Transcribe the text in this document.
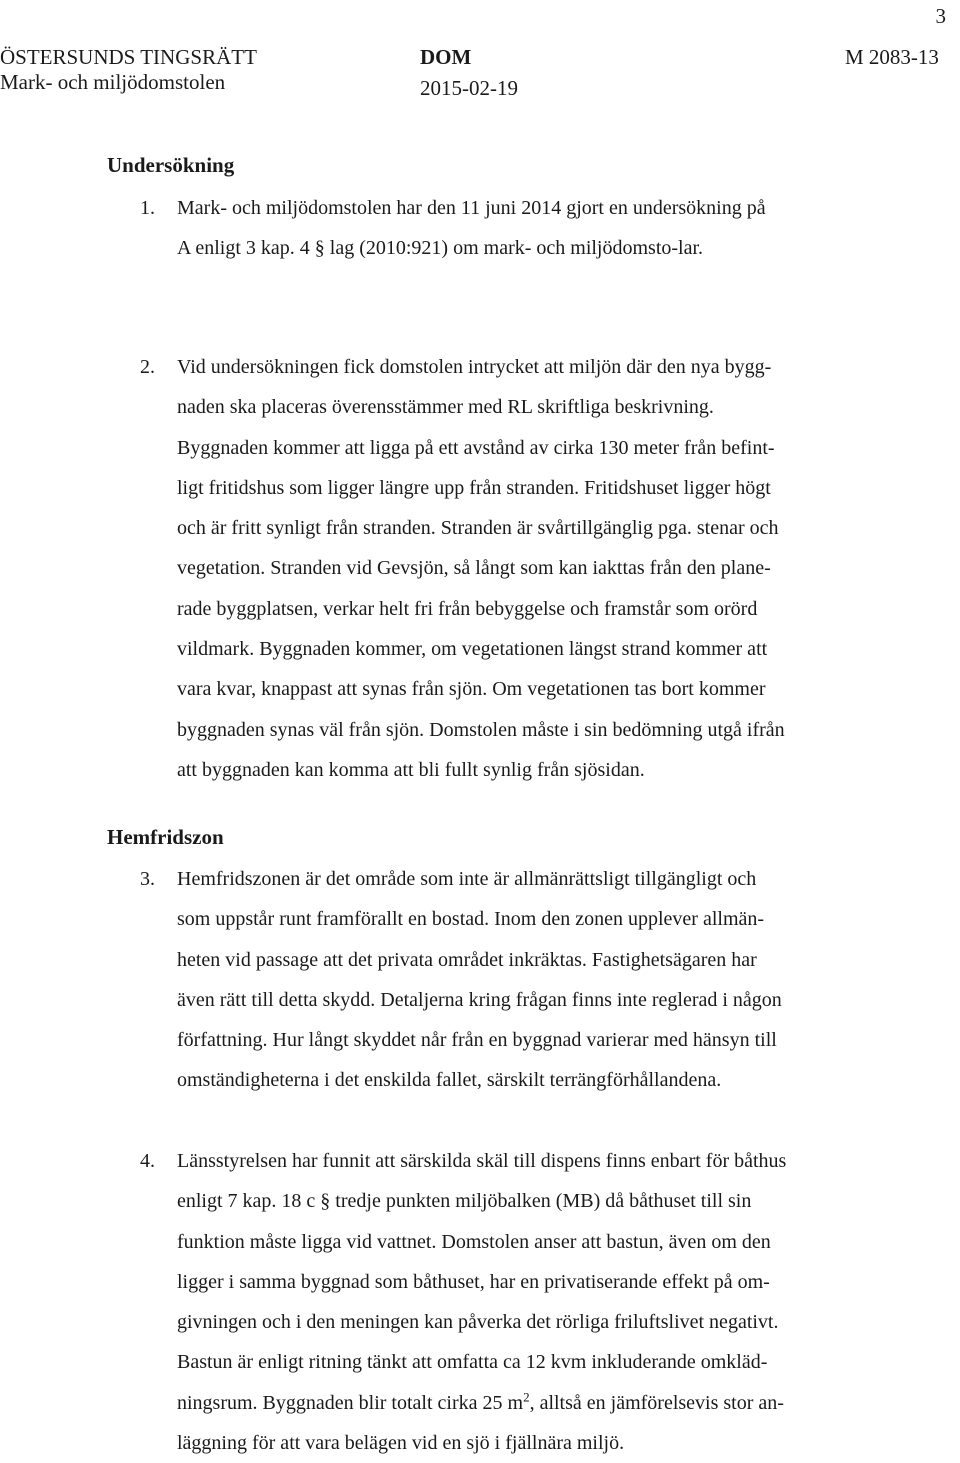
3
ÖSTERSUNDS TINGSRÄTT
Mark- och miljödomstolen
DOM
2015-02-19
M 2083-13
Undersökning
1. Mark- och miljödomstolen har den 11 juni 2014 gjort en undersökning på
A enligt 3 kap. 4 § lag (2010:921) om mark- och miljödomsto-lar.
2. Vid undersökningen fick domstolen intrycket att miljön där den nya bygg-
naden ska placeras överensstämmer med RL skriftliga beskrivning.
Byggnaden kommer att ligga på ett avstånd av cirka 130 meter från befint-
ligt fritidshus som ligger längre upp från stranden. Fritidshuset ligger högt
och är fritt synligt från stranden. Stranden är svårtillgänglig pga. stenar och
vegetation. Stranden vid Gevsjön, så långt som kan iakttas från den plane-
rade byggplatsen, verkar helt fri från bebyggelse och framstår som orörd
vildmark. Byggnaden kommer, om vegetationen längst strand kommer att
vara kvar, knappast att synas från sjön. Om vegetationen tas bort kommer
byggnaden synas väl från sjön. Domstolen måste i sin bedömning utgå ifrån
att byggnaden kan komma att bli fullt synlig från sjösidan.
Hemfridszon
3. Hemfridszonen är det område som inte är allmänrättsligt tillgängligt och
som uppstår runt framförallt en bostad. Inom den zonen upplever allmän-
heten vid passage att det privata området inkräktas. Fastighetsägaren har
även rätt till detta skydd. Detaljerna kring frågan finns inte reglerad i någon
författning. Hur långt skyddet når från en byggnad varierar med hänsyn till
omständigheterna i det enskilda fallet, särskilt terrängförhållandena.
4. Länsstyrelsen har funnit att särskilda skäl till dispens finns enbart för båthus
enligt 7 kap. 18 c § tredje punkten miljöbalken (MB) då båthuset till sin
funktion måste ligga vid vattnet. Domstolen anser att bastun, även om den
ligger i samma byggnad som båthuset, har en privatiserande effekt på om-
givningen och i den meningen kan påverka det rörliga friluftslivet negativt.
Bastun är enligt ritning tänkt att omfatta ca 12 kvm inkluderande omkläd-
ningsrum. Byggnaden blir totalt cirka 25 $m^2$, alltså en jämförelsevis stor an-
läggning för att vara belägen vid en sjö i fjällnära miljö.
